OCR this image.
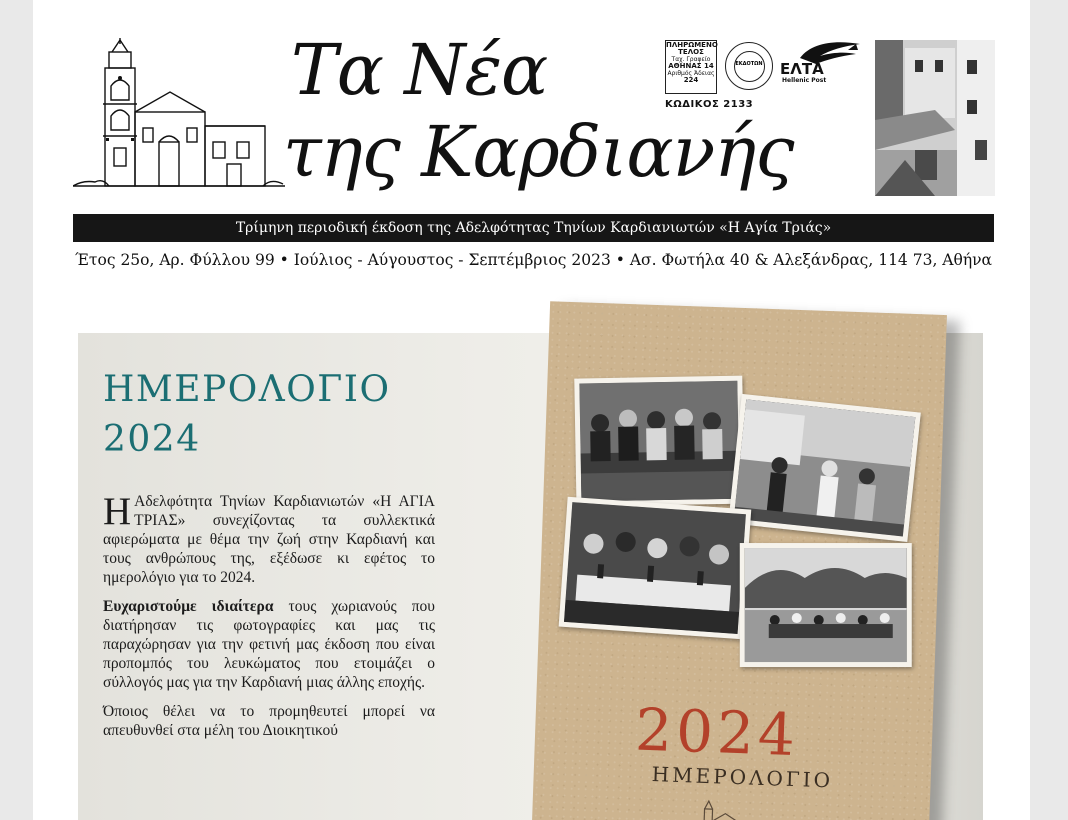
Τα Νέα
της Καρδιανής
ΠΛΗΡΩΜΕΝΟ
ΤΕΛΟΣ
Ταχ. Γραφείο
ΑΘΗΝΑΣ 14
Αριθμός Άδειας
224
ΕΚΔΟΤΩΝ	ΕΛΤΑ
Hellenic Post
ΚΩΔΙΚΟΣ 2133
Τρίμηνη περιοδική έκδοση της Αδελφότητας Τηνίων Καρδιανιωτών «Η Αγία Τριάς»
Έτος 25ο, Αρ. Φύλλου 99 • Ιούλιος - Αύγουστος - Σεπτέμβριος 2023 • Ασ. Φωτήλα 40 & Αλεξάνδρας, 114 73, Αθήνα
ΗΜΕΡΟΛΟΓΙΟ
2024

Η Αδελφότητα Τηνίων Καρδιανιωτών «Η ΑΓΙΑ ΤΡΙΑΣ» συνεχίζοντας τα συλλεκτικά αφιερώματα με θέμα την ζωή στην Καρδιανή και τους ανθρώπους της, εξέδωσε κι εφέτος το ημερολόγιο για το 2024.

Ευχαριστούμε ιδιαίτερα τους χωριανούς που διατήρησαν τις φωτογραφίες και μας τις παραχώρησαν για την φετινή μας έκδοση που είναι προπομπός του λευκώματος που ετοιμάζει ο σύλλογός μας για την Καρδιανή μιας άλλης εποχής.

Όποιος θέλει να το προμηθευτεί μπορεί να απευθυνθεί στα μέλη του Διοικητικού	2024
ΗΜΕΡΟΛΟΓΙΟ
